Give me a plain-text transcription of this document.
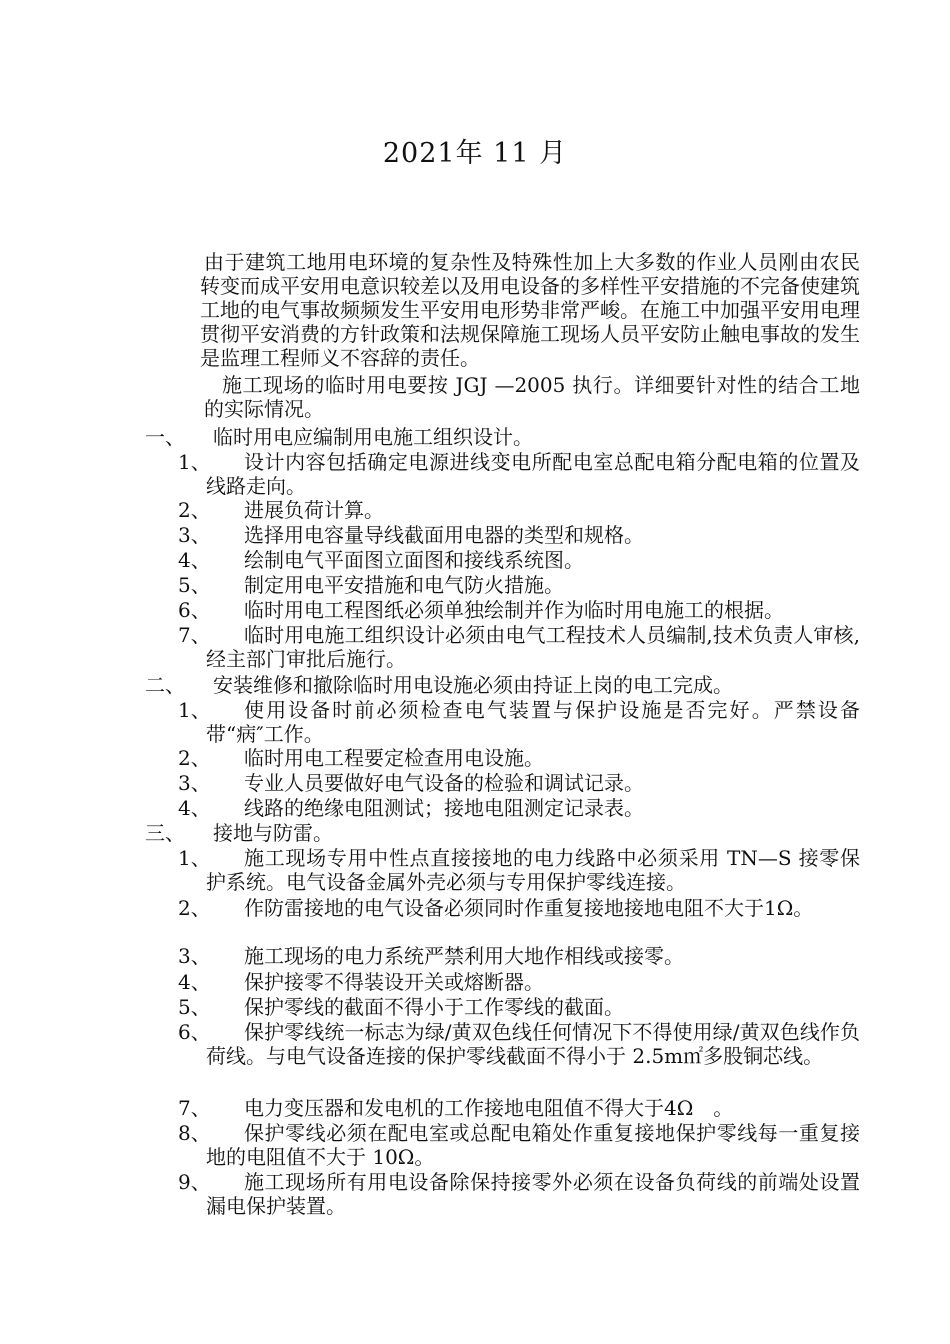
2021年 11 月

由于建筑工地用电环境的复杂性及特殊性加上大多数的作业人员刚由农民转变而成平安用电意识较差以及用电设备的多样性平安措施的不完备使建筑工地的电气事故频频发生平安用电形势非常严峻。在施工中加强平安用电理贯彻平安消费的方针政策和法规保障施工现场人员平安防止触电事故的发生是监理工程师义不容辞的责任。

施工现场的临时用电要按 JGJ —2005 执行。详细要针对性的结合工地的实际情况。

一、 临时用电应编制用电施工组织设计。
1、	设计内容包括确定电源进线变电所配电室总配电箱分配电箱的位置及线路走向。
2、	进展负荷计算。
3、	选择用电容量导线截面用电器的类型和规格。
4、	绘制电气平面图立面图和接线系统图。
5、	制定用电平安措施和电气防火措施。
6、	临时用电工程图纸必须单独绘制并作为临时用电施工的根据。
7、	临时用电施工组织设计必须由电气工程技术人员编制,技术负责人审核,经主部门审批后施行。
二、 安装维修和撤除临时用电设施必须由持证上岗的电工完成。
1、	使用设备时前必须检查电气装置与保护设施是否完好。严禁设备带“病″工作。
2、	临时用电工程要定检查用电设施。
3、	专业人员要做好电气设备的检验和调试记录。
4、	线路的绝缘电阻测试；接地电阻测定记录表。
三、 接地与防雷。
1、	施工现场专用中性点直接接地的电力线路中必须采用 TN—S 接零保护系统。电气设备金属外壳必须与专用保护零线连接。
2、	作防雷接地的电气设备必须同时作重复接地接地电阻不大于1Ω。
3、	施工现场的电力系统严禁利用大地作相线或接零。
4、	保护接零不得装设开关或熔断器。
5、	保护零线的截面不得小于工作零线的截面。
6、	保护零线统一标志为绿/黄双色线任何情况下不得使用绿/黄双色线作负荷线。与电气设备连接的保护零线截面不得小于 2.5m㎡多股铜芯线。
7、	电力变压器和发电机的工作接地电阻值不得大于4Ω　。
8、	保护零线必须在配电室或总配电箱处作重复接地保护零线每一重复接地的电阻值不大于 10Ω。
9、	施工现场所有用电设备除保持接零外必须在设备负荷线的前端处设置漏电保护装置。
